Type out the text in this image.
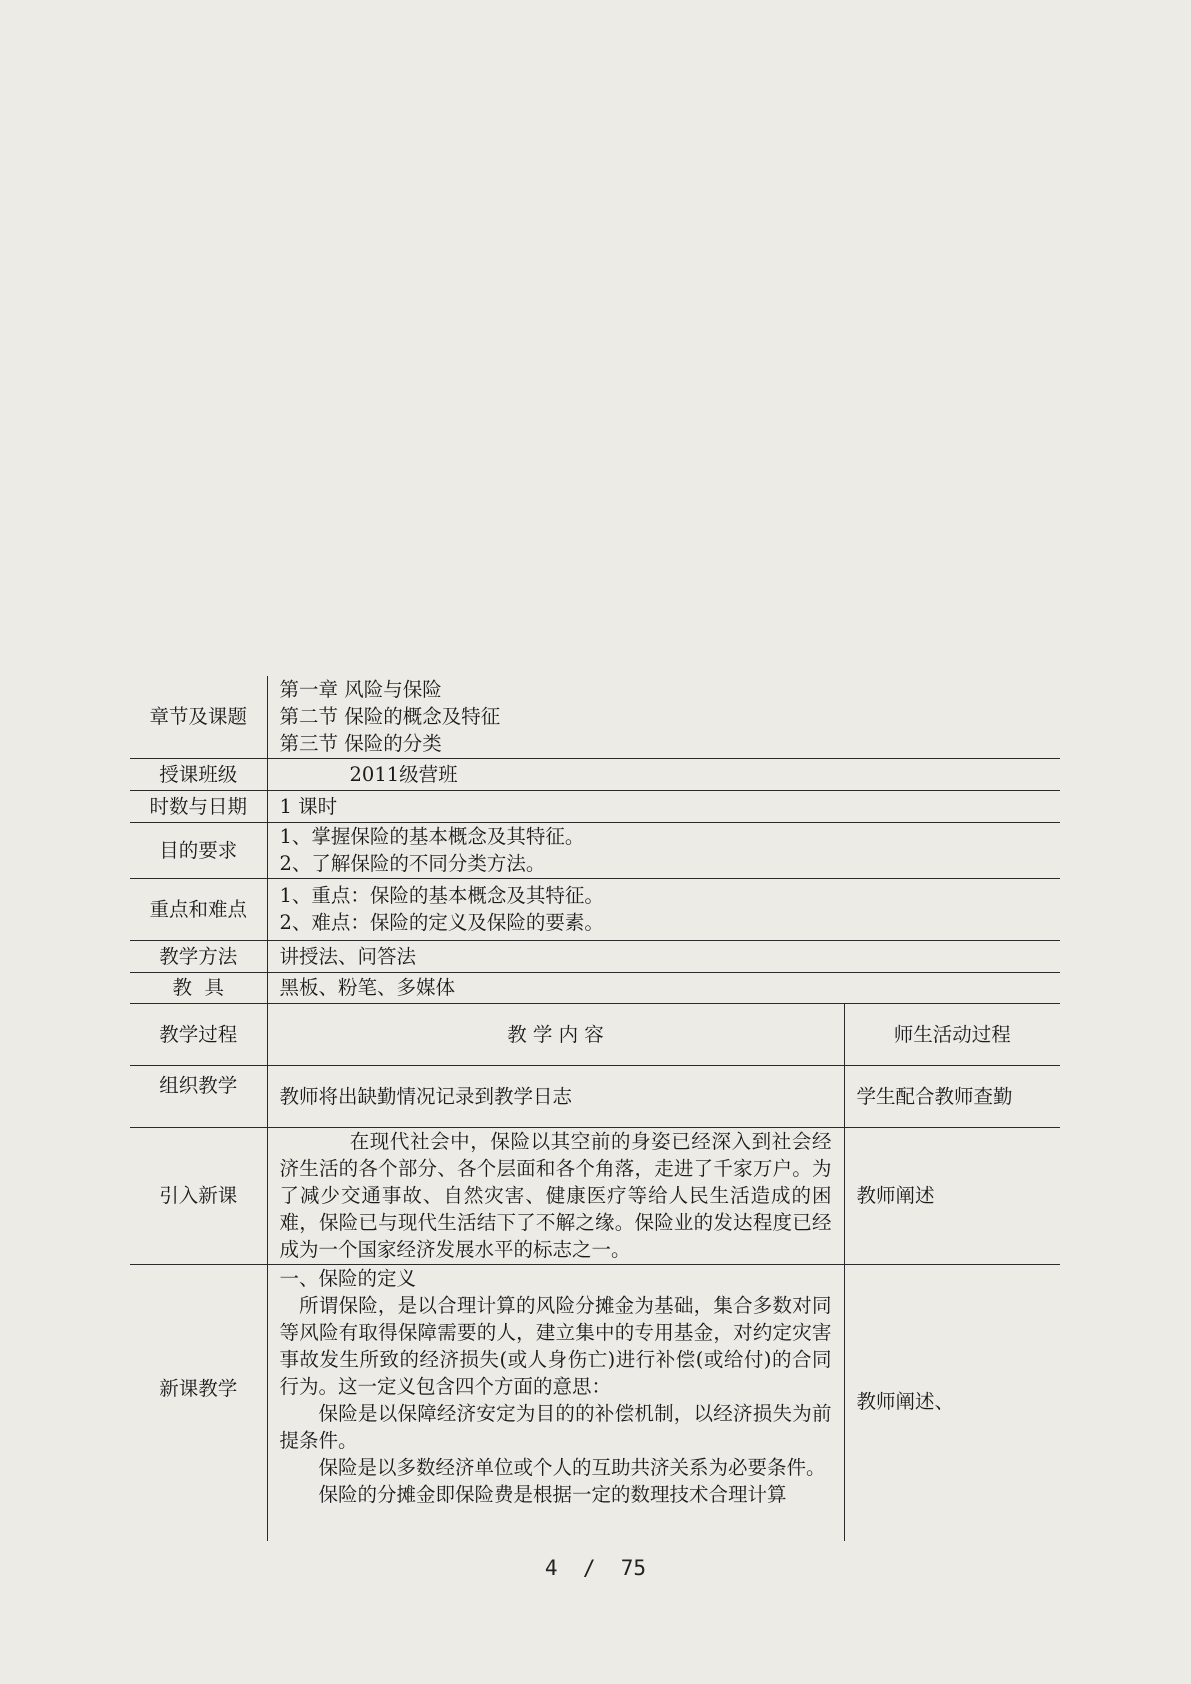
章节及课题	第一章 风险与保险
第二节 保险的概念及特征
第三节 保险的分类	

授课班级	2011级营班	
时数与日期	1 课时	
目的要求	1、掌握保险的基本概念及其特征。
2、了解保险的不同分类方法。	

重点和难点	1、重点：保险的基本概念及其特征。
2、难点：保险的定义及保险的要素。	

教学方法	讲授法、问答法	
教  具	黑板、粉笔、多媒体	
教学过程	教 学 内 容	师生活动过程
组织教学	教师将出缺勤情况记录到教学日志	学生配合教师查勤
引入新课	在现代社会中，保险以其空前的身姿已经深入到社会经济生活的各个部分、各个层面和各个角落，走进了千家万户。为了减少交通事故、自然灾害、健康医疗等给人民生活造成的困难，保险已与现代生活结下了不解之缘。保险业的发达程度已经成为一个国家经济发展水平的标志之一。	教师阐述
新课教学	一、保险的定义
所谓保险，是以合理计算的风险分摊金为基础，集合多数对同等风险有取得保障需要的人，建立集中的专用基金，对约定灾害事故发生所致的经济损失(或人身伤亡)进行补偿(或给付)的合同行为。这一定义包含四个方面的意思：
保险是以保障经济安定为目的的补偿机制，以经济损失为前提条件。
保险是以多数经济单位或个人的互助共济关系为必要条件。
保险的分摊金即保险费是根据一定的数理技术合理计算	教师阐述、
4  /  75
